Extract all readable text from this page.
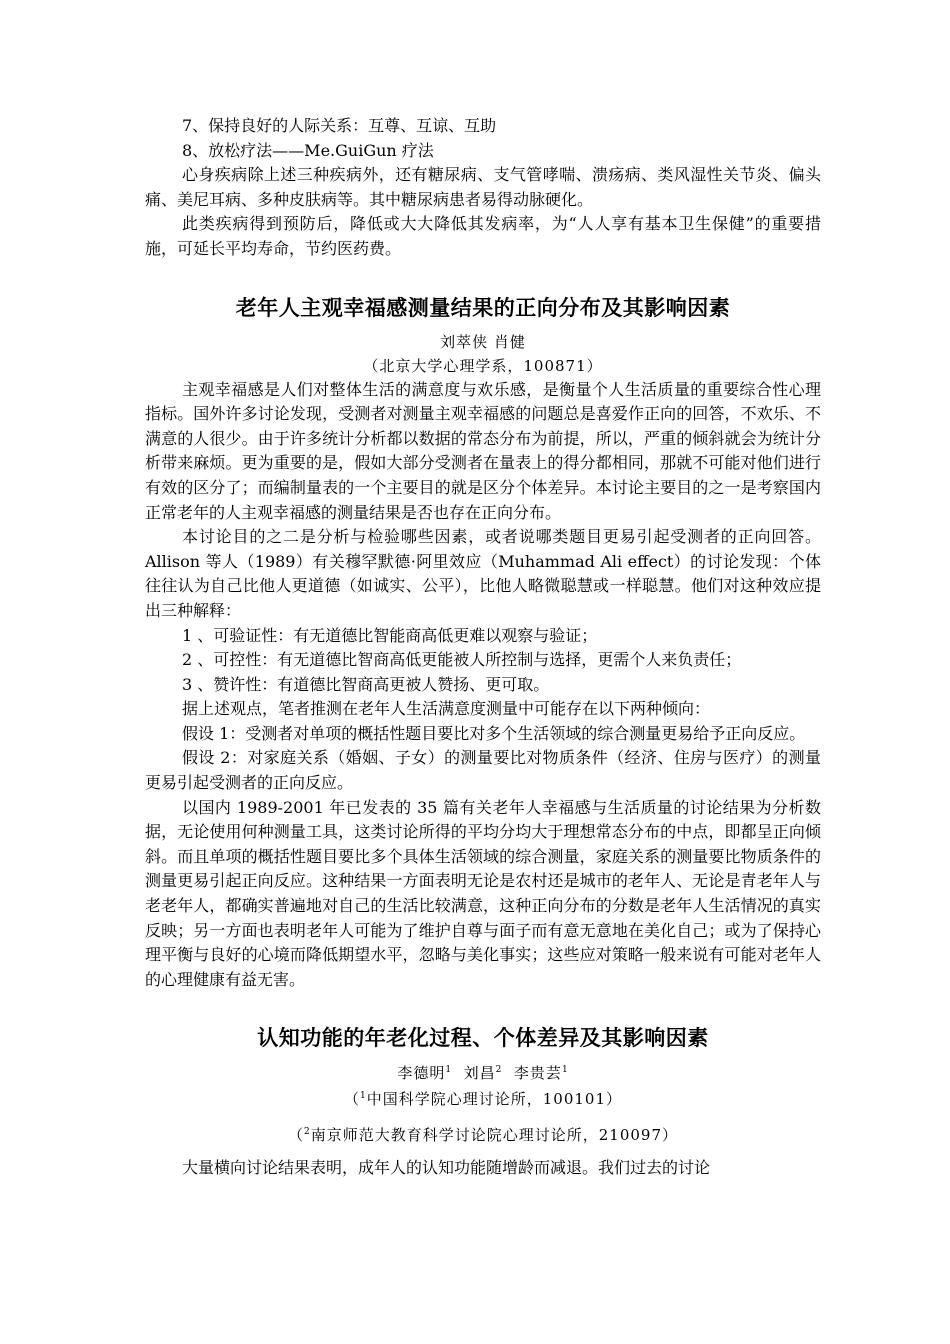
7、保持良好的人际关系：互尊、互谅、互助

8、放松疗法——Me.GuiGun 疗法

心身疾病除上述三种疾病外，还有糖尿病、支气管哮喘、溃疡病、类风湿性关节炎、偏头痛、美尼耳病、多种皮肤病等。其中糖尿病患者易得动脉硬化。

此类疾病得到预防后，降低或大大降低其发病率，为“人人享有基本卫生保健”的重要措施，可延长平均寿命，节约医药费。

老年人主观幸福感测量结果的正向分布及其影响因素

刘萃侠 肖健

（北京大学心理学系，100871）

主观幸福感是人们对整体生活的满意度与欢乐感，是衡量个人生活质量的重要综合性心理指标。国外许多讨论发现，受测者对测量主观幸福感的问题总是喜爱作正向的回答，不欢乐、不满意的人很少。由于许多统计分析都以数据的常态分布为前提，所以，严重的倾斜就会为统计分析带来麻烦。更为重要的是，假如大部分受测者在量表上的得分都相同，那就不可能对他们进行有效的区分了；而编制量表的一个主要目的就是区分个体差异。本讨论主要目的之一是考察国内正常老年的人主观幸福感的测量结果是否也存在正向分布。

本讨论目的之二是分析与检验哪些因素，或者说哪类题目更易引起受测者的正向回答。Allison 等人（1989）有关穆罕默德·阿里效应（Muhammad Ali effect）的讨论发现：个体往往认为自己比他人更道德（如诚实、公平），比他人略微聪慧或一样聪慧。他们对这种效应提出三种解释：

1 、可验证性：有无道德比智能商高低更难以观察与验证；

2 、可控性：有无道德比智商高低更能被人所控制与选择，更需个人来负责任；

3 、赞许性：有道德比智商高更被人赞扬、更可取。

据上述观点，笔者推测在老年人生活满意度测量中可能存在以下两种倾向：

假设 1：受测者对单项的概括性题目要比对多个生活领域的综合测量更易给予正向反应。

假设 2：对家庭关系（婚姻、子女）的测量要比对物质条件（经济、住房与医疗）的测量更易引起受测者的正向反应。

以国内 1989-2001 年已发表的 35 篇有关老年人幸福感与生活质量的讨论结果为分析数据，无论使用何种测量工具，这类讨论所得的平均分均大于理想常态分布的中点，即都呈正向倾斜。而且单项的概括性题目要比多个具体生活领域的综合测量，家庭关系的测量要比物质条件的测量更易引起正向反应。这种结果一方面表明无论是农村还是城市的老年人、无论是青老年人与老老年人，都确实普遍地对自己的生活比较满意，这种正向分布的分数是老年人生活情况的真实反映；另一方面也表明老年人可能为了维护自尊与面子而有意无意地在美化自己；或为了保持心理平衡与良好的心境而降低期望水平，忽略与美化事实；这些应对策略一般来说有可能对老年人的心理健康有益无害。

认知功能的年老化过程、个体差异及其影响因素

李德明$^1$ 刘昌$^2$ 李贵芸$^1$

（$^1$中国科学院心理讨论所，100101）

（$^2$南京师范大教育科学讨论院心理讨论所，210097）

大量横向讨论结果表明，成年人的认知功能随增龄而减退。我们过去的讨论
